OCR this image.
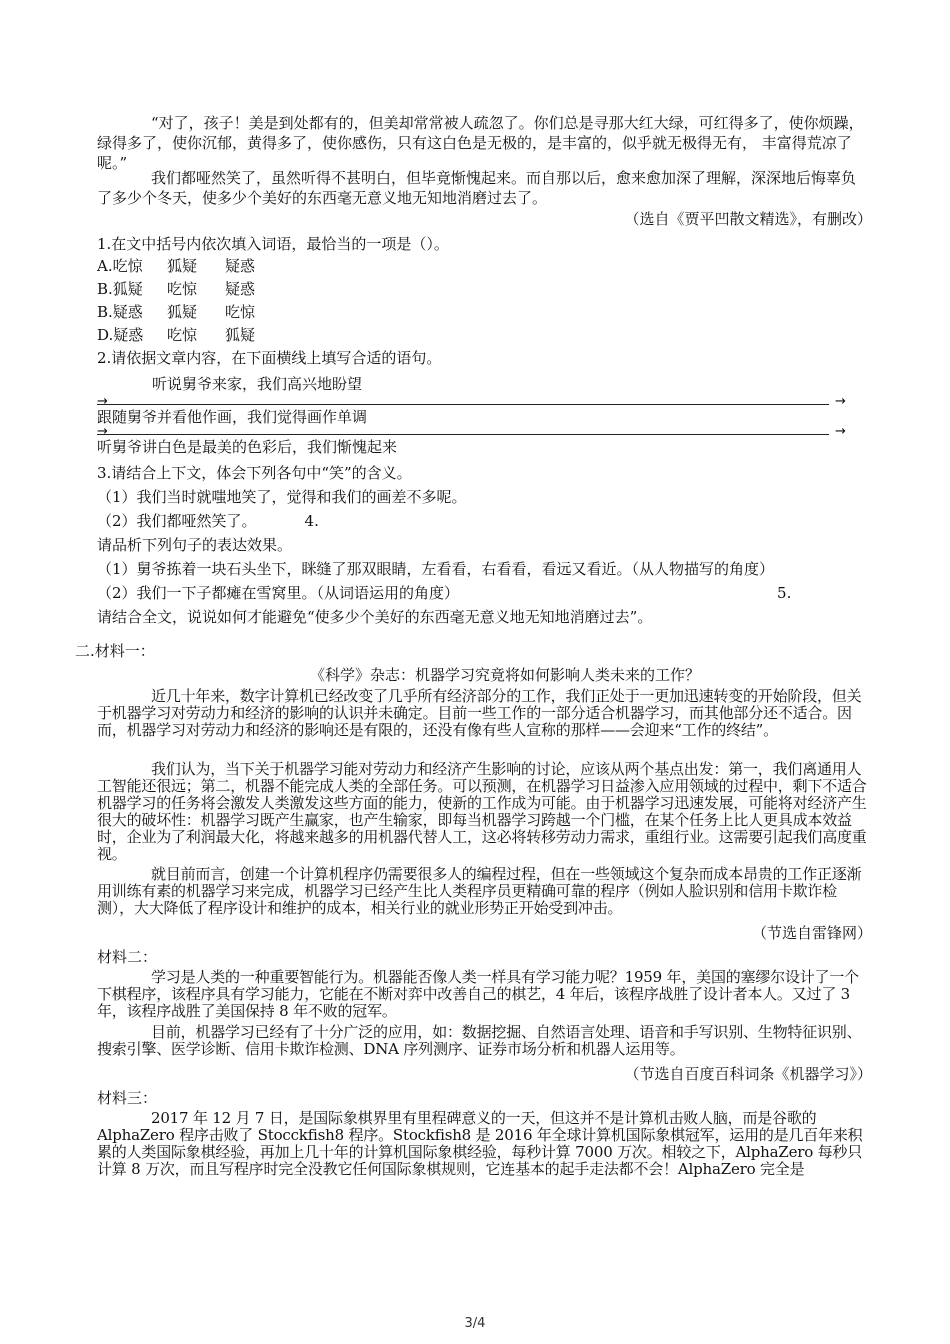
“对了，孩子！美是到处都有的，但美却常常被人疏忽了。你们总是寻那大红大绿，可红得多了，使你烦躁，绿得多了，使你沉郁，黄得多了，使你感伤，只有这白色是无极的，是丰富的，似乎就无极得无有， 丰富得荒凉了呢。”
我们都哑然笑了，虽然听得不甚明白，但毕竟惭愧起来。而自那以后，愈来愈加深了理解，深深地后悔辜负了多少个冬天，使多少个美好的东西毫无意义地无知地消磨过去了。
（选自《贾平凹散文精选》，有删改）
1.在文中括号内依次填入词语，最恰当的一项是（）。
A.吃惊 狐疑 疑惑
B.狐疑 吃惊 疑惑
B.疑惑 狐疑 吃惊
D.疑惑 吃惊 狐疑
2.请依据文章内容，在下面横线上填写合适的语句。
听说舅爷来家，我们高兴地盼望
→	→
跟随舅爷并看他作画，我们觉得画作单调
→	→
听舅爷讲白色是最美的色彩后，我们惭愧起来
3.请结合上下文，体会下列各句中“笑”的含义。
（1）我们当时就嗤地笑了，觉得和我们的画差不多呢。
（2）我们都哑然笑了。	4.
请品析下列句子的表达效果。
（1）舅爷拣着一块石头坐下，眯缝了那双眼睛，左看看，右看看，看远又看近。（从人物描写的角度）
（2）我们一下子都瘫在雪窝里。（从词语运用的角度）	5.
请结合全文，说说如何才能避免“使多少个美好的东西毫无意义地无知地消磨过去”。
二.材料一：
《科学》杂志：机器学习究竟将如何影响人类未来的工作？
近几十年来，数字计算机已经改变了几乎所有经济部分的工作，我们正处于一更加迅速转变的开始阶段，但关于机器学习对劳动力和经济的影响的认识并未确定。目前一些工作的一部分适合机器学习，而其他部分还不适合。因而，机器学习对劳动力和经济的影响还是有限的，还没有像有些人宣称的那样——会迎来“工作的终结”。
我们认为，当下关于机器学习能对劳动力和经济产生影响的讨论，应该从两个基点出发：第一，我们离通用人工智能还很远；第二，机器不能完成人类的全部任务。可以预测，在机器学习日益渗入应用领域的过程中，剩下不适合机器学习的任务将会激发人类激发这些方面的能力，使新的工作成为可能。由于机器学习迅速发展，可能将对经济产生很大的破坏性：机器学习既产生赢家，也产生输家，即每当机器学习跨越一个门槛，在某个任务上比人更具成本效益时，企业为了利润最大化，将越来越多的用机器代替人工，这必将转移劳动力需求，重组行业。这需要引起我们高度重视。
就目前而言，创建一个计算机程序仍需要很多人的编程过程，但在一些领域这个复杂而成本昂贵的工作正逐渐用训练有素的机器学习来完成，机器学习已经产生比人类程序员更精确可靠的程序（例如人脸识别和信用卡欺诈检测），大大降低了程序设计和维护的成本，相关行业的就业形势正开始受到冲击。
（节选自雷锋网）
材料二：
学习是人类的一种重要智能行为。机器能否像人类一样具有学习能力呢？1959 年，美国的塞缪尔设计了一个下棋程序，该程序具有学习能力，它能在不断对弈中改善自己的棋艺，4 年后，该程序战胜了设计者本人。又过了 3 年，该程序战胜了美国保持 8 年不败的冠军。
目前，机器学习已经有了十分广泛的应用，如：数据挖掘、自然语言处理、语音和手写识别、生物特征识别、搜索引擎、医学诊断、信用卡欺诈检测、DNA 序列测序、证券市场分析和机器人运用等。
（节选自百度百科词条《机器学习》）
材料三：
2017 年 12 月 7 日，是国际象棋界里有里程碑意义的一天，但这并不是计算机击败人脑，而是谷歌的 AlphaZero 程序击败了 Stocckfish8 程序。Stockfish8 是 2016 年全球计算机国际象棋冠军，运用的是几百年来积累的人类国际象棋经验，再加上几十年的计算机国际象棋经验，每秒计算 7000 万次。相较之下，AlphaZero 每秒只计算 8 万次，而且写程序时完全没教它任何国际象棋规则，它连基本的起手走法都不会！AlphaZero 完全是
3/4
